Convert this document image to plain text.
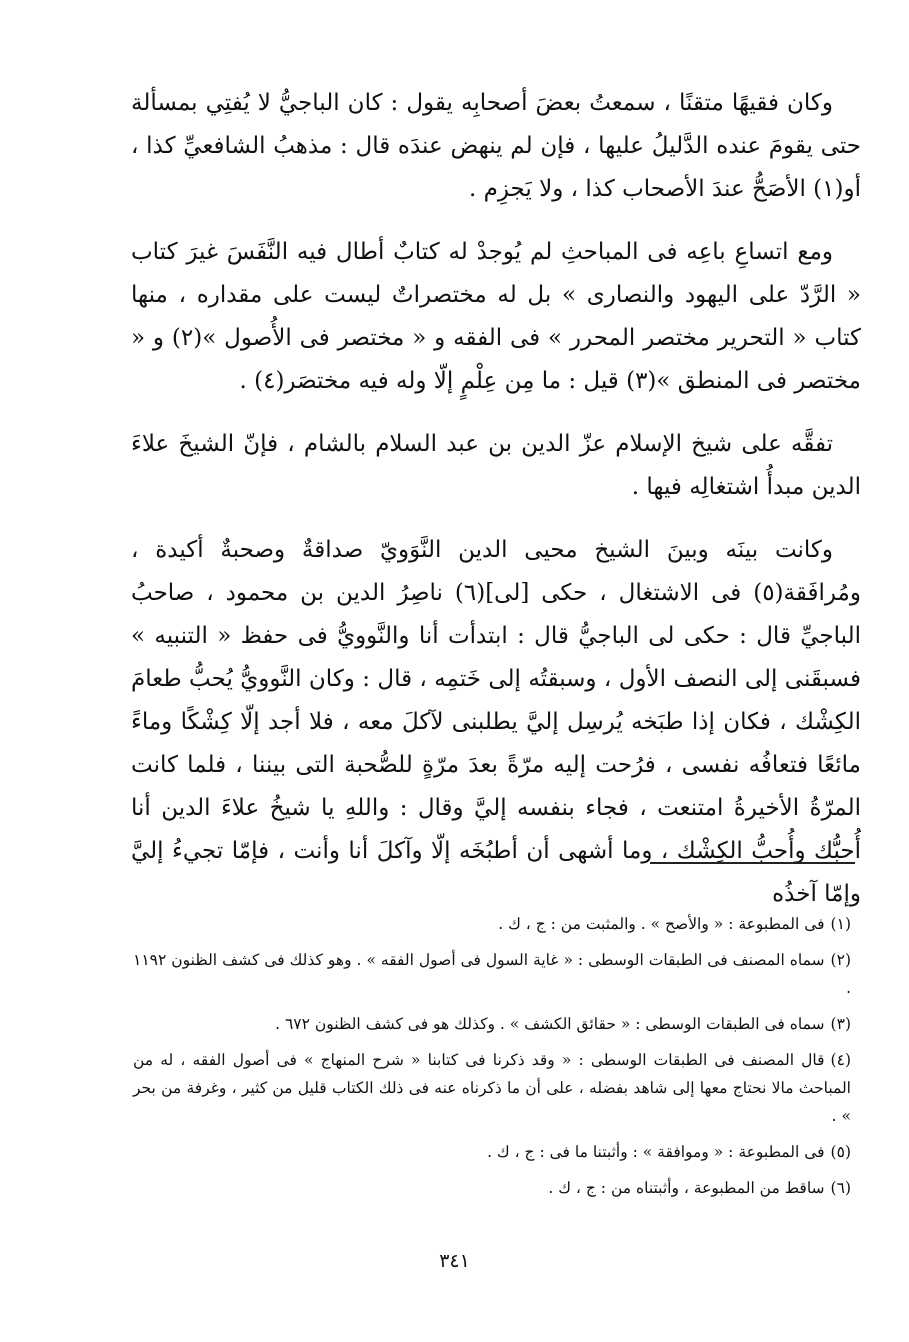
وكان فقيهًا متقنًا ، سمعتُ بعضَ أصحابِه يقول : كان الباجيُّ لا يُفتِي بمسألة حتى يقومَ عنده الدَّليلُ عليها ، فإن لم ينهض عندَه قال : مذهبُ الشافعيِّ كذا ، أو(١) الأصَحُّ عندَ الأصحاب كذا ، ولا يَجزِم .

ومع اتساعِ باعِه فى المباحثِ لم يُوجدْ له كتابٌ أطال فيه النَّفَسَ غيرَ كتاب « الرَّدّ على اليهود والنصارى » بل له مختصراتٌ ليست على مقداره ، منها كتاب « التحرير مختصر المحرر » فى الفقه و « مختصر فى الأُصول »(٢) و « مختصر فى المنطق »(٣) قيل : ما مِن عِلْمٍ إلّا وله فيه مختصَر(٤) .

تفقَّه على شيخ الإسلام عزّ الدين بن عبد السلام بالشام ، فإنّ الشيخَ علاءَ الدين مبدأُ اشتغالِه فيها .

وكانت بينَه وبينَ الشيخ محيى الدين النَّوَويّ صداقةٌ وصحبةٌ أكيدة ، ومُرافَقة(٥) فى الاشتغال ، حكى [لى](٦) ناصِرُ الدين بن محمود ، صاحبُ الباجيِّ قال : حكى لى الباجيُّ قال : ابتدأت أنا والنَّوويُّ فى حفظ « التنبيه » فسبقَنى إلى النصف الأول ، وسبقتُه إلى خَتمِه ، قال : وكان النَّوويُّ يُحبُّ طعامَ الكِشْك ، فكان إذا طبَخه يُرسِل إليَّ يطلبنى لآكلَ معه ، فلا أجد إلّا كِشْكًا وماءً مائعًا فتعافُه نفسى ، فرُحت إليه مرّةً بعدَ مرّةٍ للصُّحبة التى بيننا ، فلما كانت المرّةُ الأخيرةُ امتنعت ، فجاء بنفسه إليَّ وقال : واللهِ يا شيخُ علاءَ الدين أنا أُحبُّك وأُحبُّ الكِشْك ، وما أشهى أن أطبُخَه إلّا وآكلَ أنا وأنت ، فإمّا تجيءُ إليَّ وإمّا آخذُه

(١)فى المطبوعة : « والأصح » . والمثبت من : ج ، ك .
(٢)سماه المصنف فى الطبقات الوسطى : « غاية السول فى أصول الفقه » . وهو كذلك فى كشف الظنون ١١٩٢ .
(٣)سماه فى الطبقات الوسطى : « حقائق الكشف » . وكذلك هو فى كشف الظنون ٦٧٢ .
(٤)قال المصنف فى الطبقات الوسطى : « وقد ذكرنا فى كتابنا « شرح المنهاج » فى أصول الفقه ، له من المباحث مالا نحتاج معها إلى شاهد بفضله ، على أن ما ذكرناه عنه فى ذلك الكتاب قليل من كثير ، وغرفة من بحر » .
(٥)فى المطبوعة : « وموافقة » : وأثبتنا ما فى : ج ، ك .
(٦)ساقط من المطبوعة ، وأثبتناه من : ج ، ك .
٣٤١
